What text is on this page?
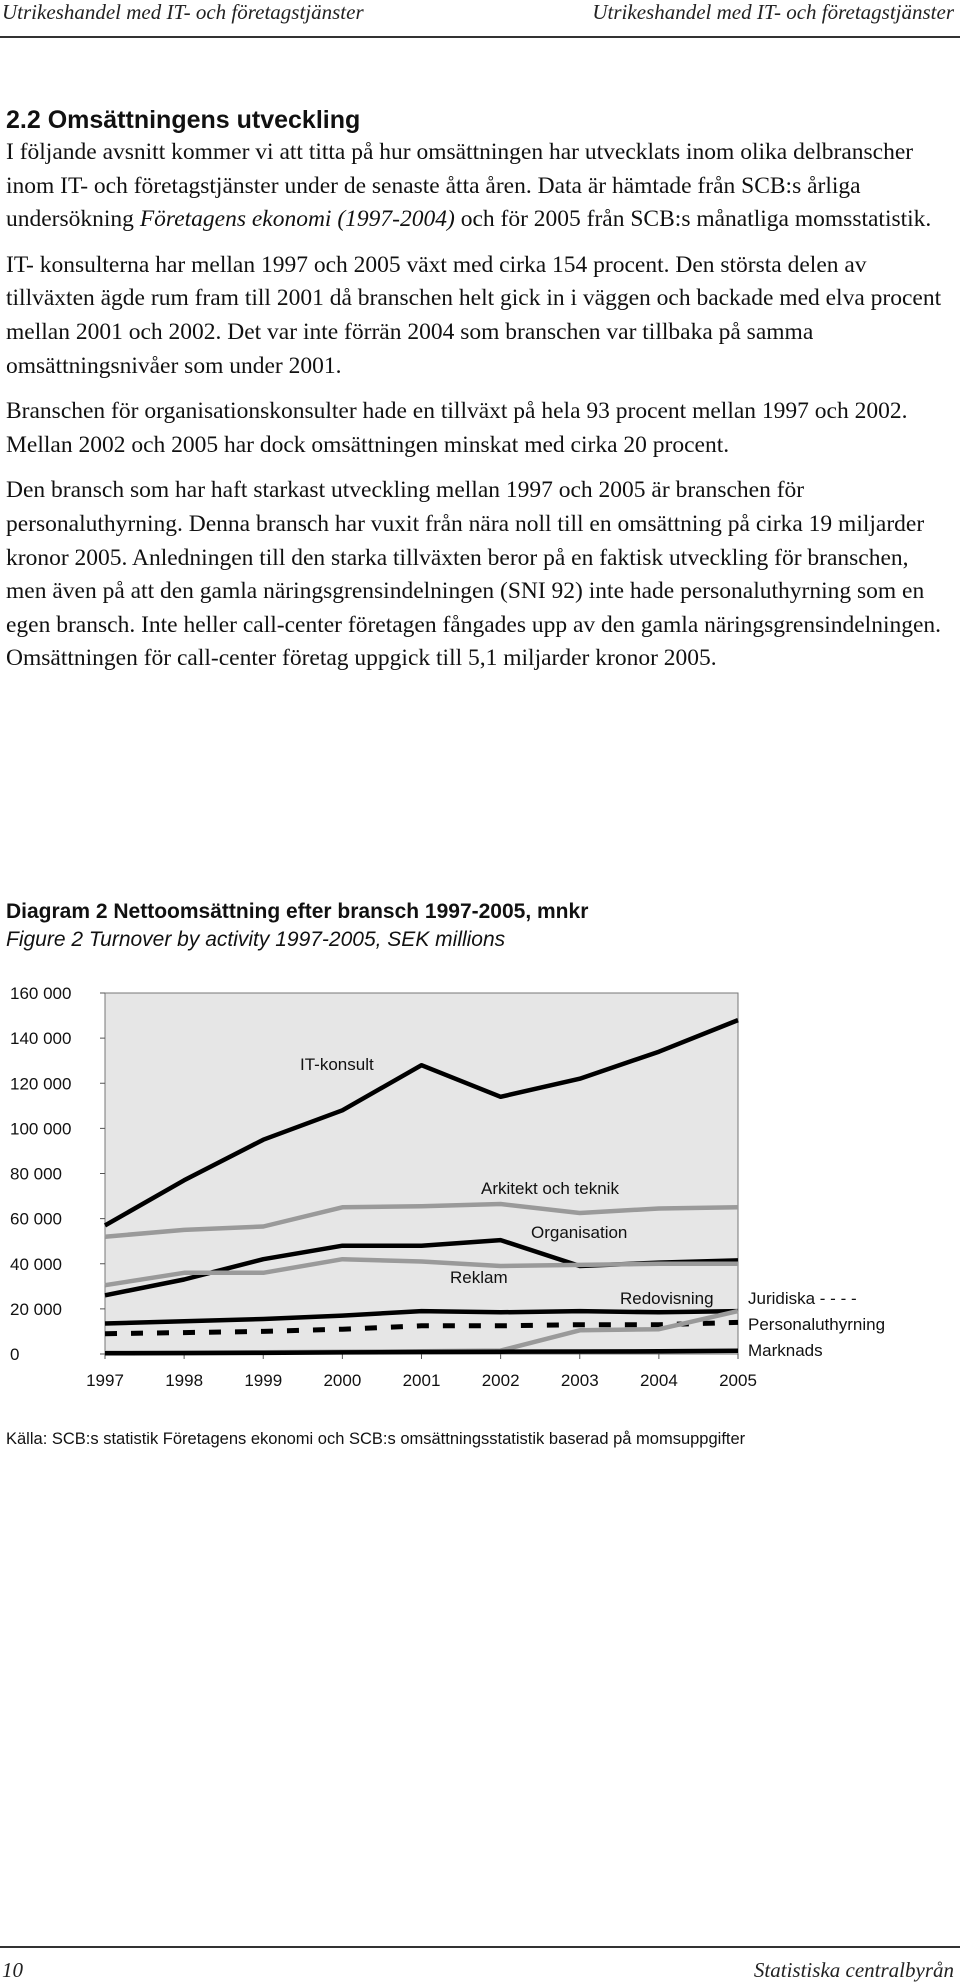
Utrikeshandel med IT- och företagstjänster	Utrikeshandel med IT- och företagstjänster
2.2 Omsättningens utveckling

I följande avsnitt kommer vi att titta på hur omsättningen har utvecklats inom olika delbranscher inom IT- och företagstjänster under de senaste åtta åren. Data är hämtade från SCB:s årliga undersökning Företagens ekonomi (1997-2004) och för 2005 från SCB:s månatliga momsstatistik.

IT- konsulterna har mellan 1997 och 2005 växt med cirka 154 procent. Den största delen av tillväxten ägde rum fram till 2001 då branschen helt gick in i väggen och backade med elva procent mellan 2001 och 2002. Det var inte förrän 2004 som branschen var tillbaka på samma omsättningsnivåer som under 2001.

Branschen för organisationskonsulter hade en tillväxt på hela 93 procent mellan 1997 och 2002. Mellan 2002 och 2005 har dock omsättningen minskat med cirka 20 procent.

Den bransch som har haft starkast utveckling mellan 1997 och 2005 är branschen för personaluthyrning. Denna bransch har vuxit från nära noll till en omsättning på cirka 19 miljarder kronor 2005. Anledningen till den starka tillväxten beror på en faktisk utveckling för branschen, men även på att den gamla näringsgrensindelningen (SNI 92) inte hade personaluthyrning som en egen bransch. Inte heller call-center företagen fångades upp av den gamla näringsgrensindelningen. Omsättningen för call-center företag uppgick till 5,1 miljarder kronor 2005.

Diagram 2 Nettoomsättning efter bransch 1997-2005, mnkr
Figure 2 Turnover by activity 1997-2005, SEK millions
0
20 000
40 000
60 000
80 000
100 000
120 000
140 000
160 000
1997 1998 1999 2000 2001 2002 2003 2004 2005
IT-konsult
Arkitekt och teknik
Organisation
Reklam
Redovisning Juridiska - - - -
Personaluthyrning
Marknads
Källa: SCB:s statistik Företagens ekonomi och SCB:s omsättningsstatistik baserad på momsuppgifter
10	Statistiska centralbyrån
